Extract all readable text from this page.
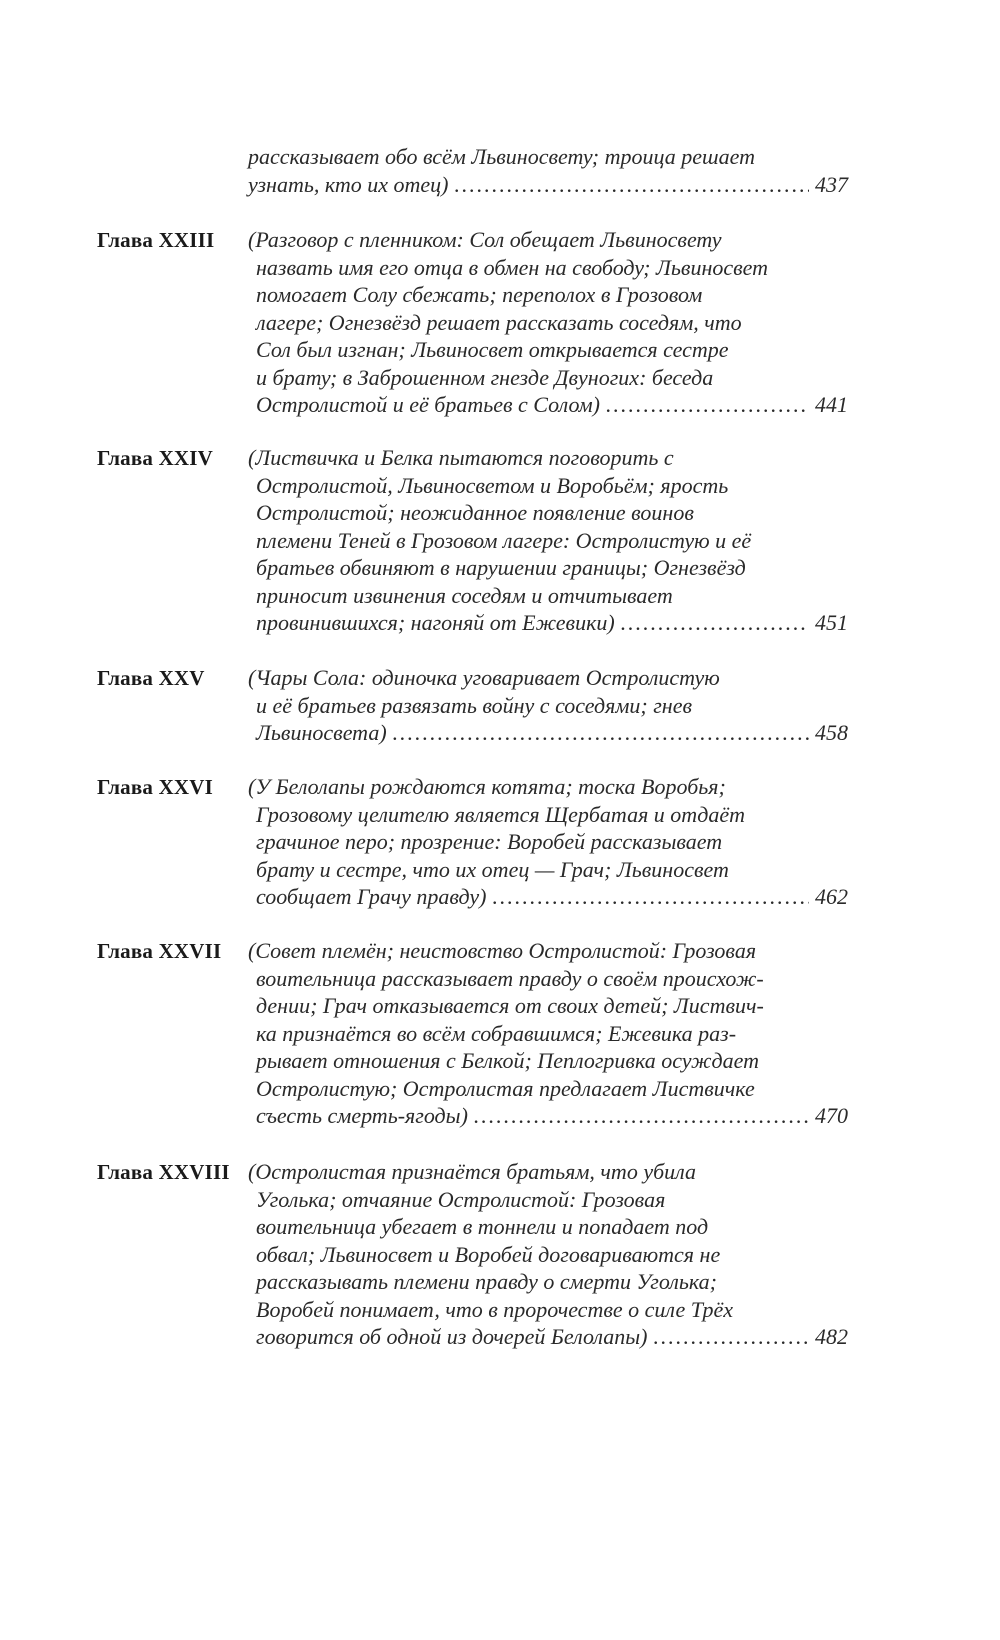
рассказывает обо всём Львиносвету; троица решает
узнать, кто их отец) .....	437
Глава XXIII (Разговор с пленником: Сол обещает Львиносвету
назвать имя его отца в обмен на свободу; Львиносвет
помогает Солу сбежать; переполох в Грозовом
лагере; Огнезвёзд решает рассказать соседям, что
Сол был изгнан; Львиносвет открывается сестре
и брату; в Заброшенном гнезде Двуногих: беседа
Остролистой и её братьев с Солом) .....	441
Глава XXIV (Листвичка и Белка пытаются поговорить с
Остролистой, Львиносветом и Воробьём; ярость
Остролистой; неожиданное появление воинов
племени Теней в Грозовом лагере: Остролистую и её
братьев обвиняют в нарушении границы; Огнезвёзд
приносит извинения соседям и отчитывает
провинившихся; нагоняй от Ежевики) .....	451
Глава XXV (Чары Сола: одиночка уговаривает Остролистую
и её братьев развязать войну с соседями; гнев
Львиносвета) .....	458
Глава XXVI (У Белолапы рождаются котята; тоска Воробья;
Грозовому целителю является Щербатая и отдаёт
грачиное перо; прозрение: Воробей рассказывает
брату и сестре, что их отец — Грач; Львиносвет
сообщает Грачу правду) .....	462
Глава XXVII (Совет племён; неистовство Остролистой: Грозовая
воительница рассказывает правду о своём происхож-
дении; Грач отказывается от своих детей; Листвич-
ка признаётся во всём собравшимся; Ежевика раз-
рывает отношения с Белкой; Пеплогривка осуждает
Остролистую; Остролистая предлагает Листвичке
съесть смерть-ягоды) .....	470
Глава XXVIII (Остролистая признаётся братьям, что убила
Уголька; отчаяние Остролистой: Грозовая
воительница убегает в тоннели и попадает под
обвал; Львиносвет и Воробей договариваются не
рассказывать племени правду о смерти Уголька;
Воробей понимает, что в пророчестве о силе Трёх
говорится об одной из дочерей Белолапы) .....	482
